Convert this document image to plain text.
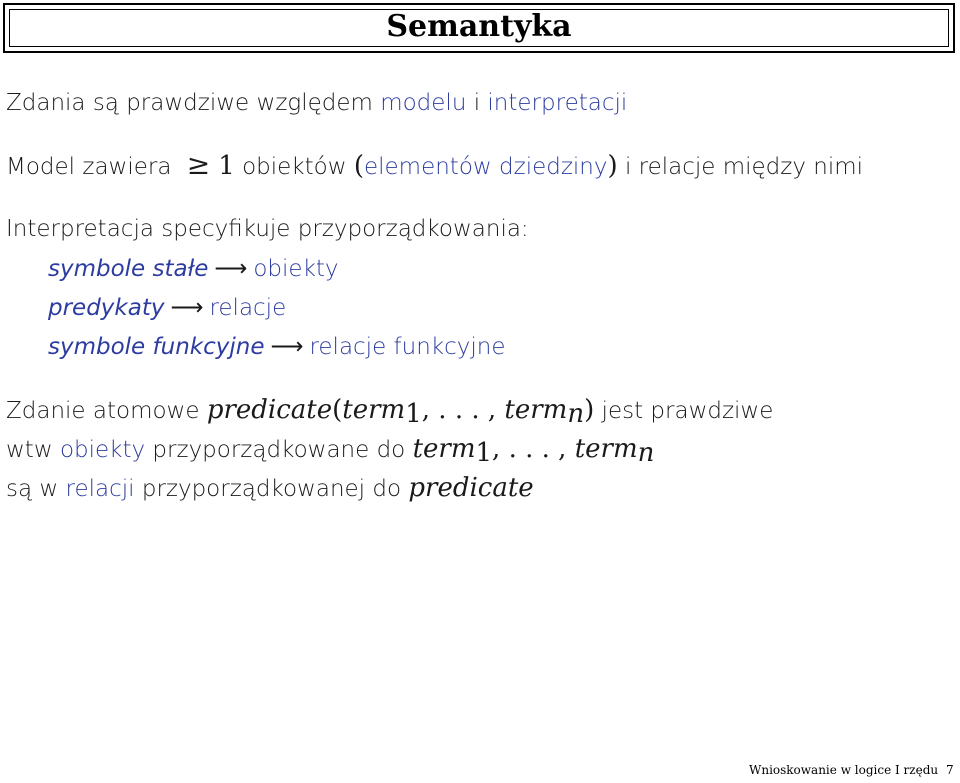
Semantyka
Zdania są prawdziwe względem modelu i interpretacji
Model zawiera ≥ 1 obiektów (elementów dziedziny) i relacje między nimi
Interpretacja specyfikuje przyporządkowania:
symbole stałe ⟶ obiekty
predykaty ⟶ relacje
symbole funkcyjne ⟶ relacje funkcyjne
Zdanie atomowe predicate(term$_1$, . . . , term$_n$) jest prawdziwe
wtw obiekty przyporządkowane do term$_1$, . . . , term$_n$
są w relacji przyporządkowanej do predicate
Wnioskowanie w logice I rzędu 7
